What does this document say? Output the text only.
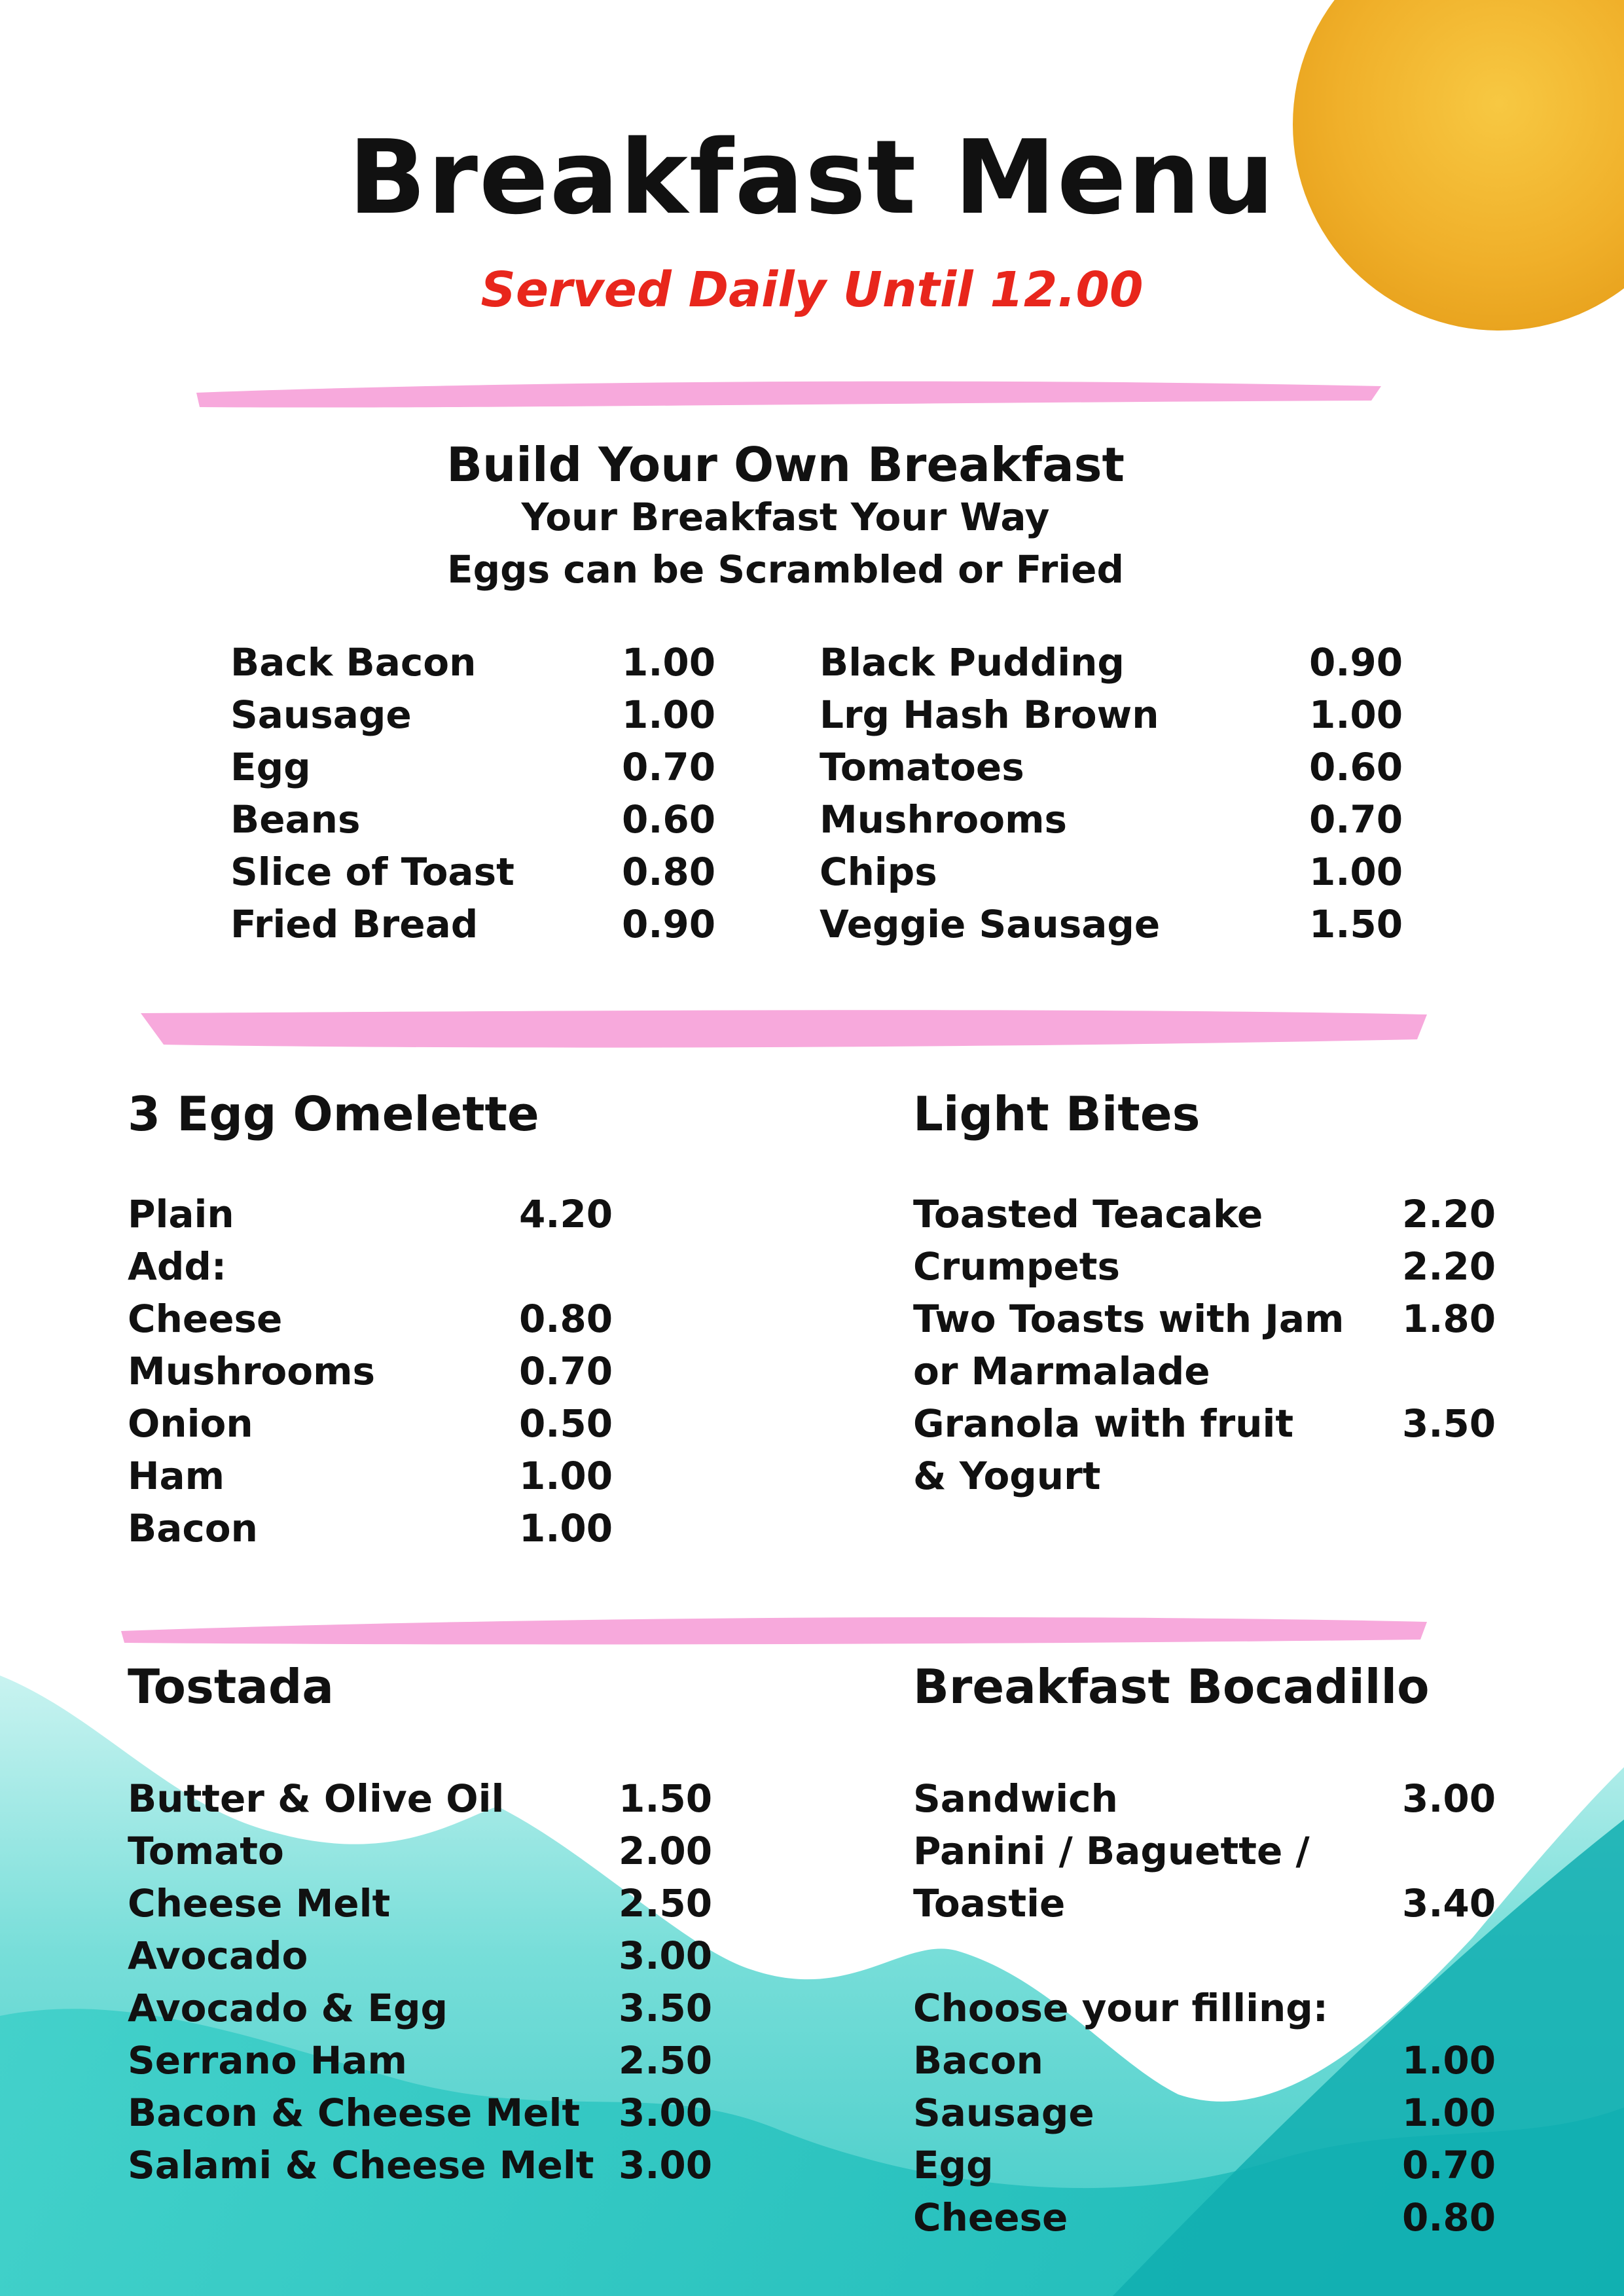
Breakfast Menu
Served Daily Until 12.00
Build Your Own Breakfast
Your Breakfast Your Way
Eggs can be Scrambled or Fried
Back Bacon	1.00
Sausage	1.00
Egg	0.70
Beans	0.60
Slice of Toast	0.80
Fried Bread	0.90
Black Pudding	0.90
Lrg Hash Brown	1.00
Tomatoes	0.60
Mushrooms	0.70
Chips	1.00
Veggie Sausage	1.50
3 Egg Omelette
Plain	4.20
Add:
Cheese	0.80
Mushrooms	0.70
Onion	0.50
Ham	1.00
Bacon	1.00
Light Bites
Toasted Teacake	2.20
Crumpets	2.20
Two Toasts with Jam 1.80
or Marmalade
Granola with fruit	3.50
& Yogurt
Tostada
Butter & Olive Oil	1.50
Tomato	2.00
Cheese Melt	2.50
Avocado	3.00
Avocado & Egg	3.50
Serrano Ham	2.50
Bacon & Cheese Melt 3.00
Salami & Cheese Melt 3.00
Breakfast Bocadillo
Sandwich	3.00
Panini / Baguette /
Toastie	3.40
Choose your filling:
Bacon	1.00
Sausage	1.00
Egg	0.70
Cheese	0.80
